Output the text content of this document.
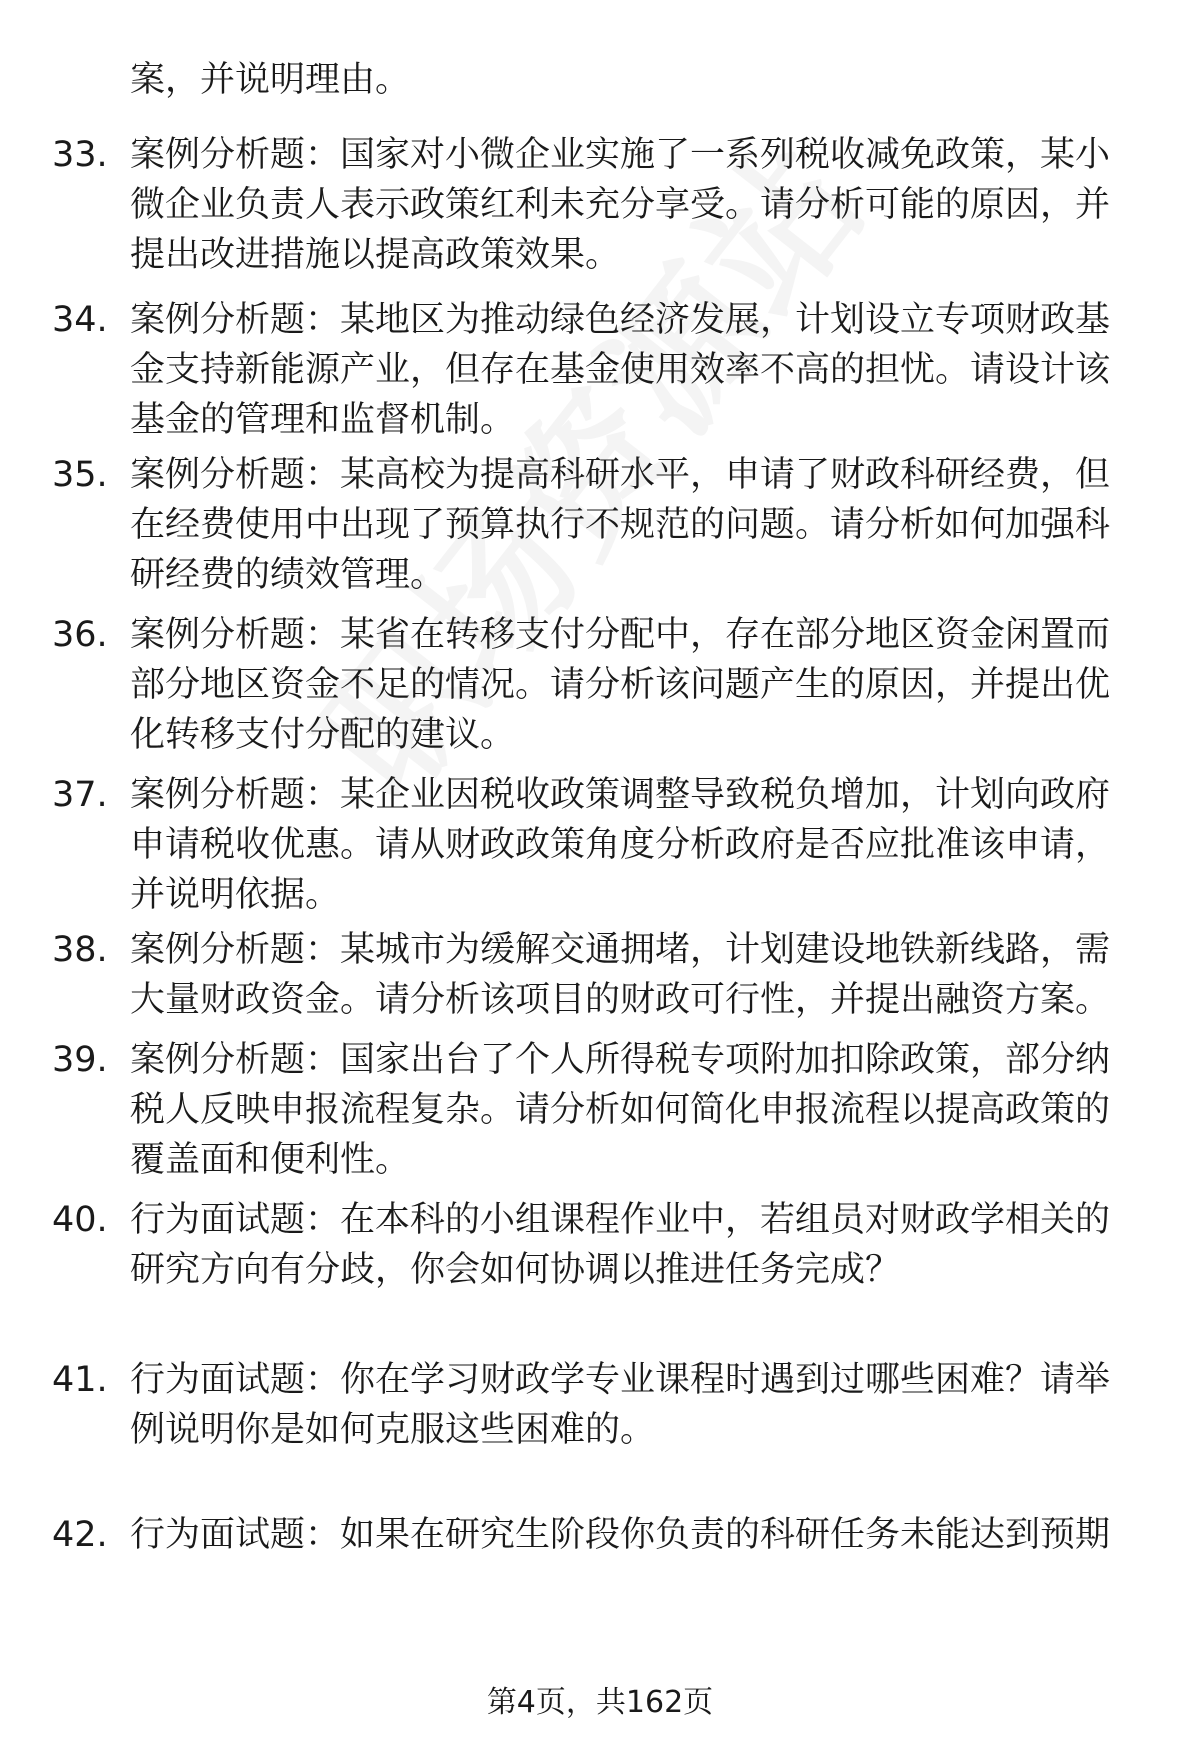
案，并说明理由。
33. 案例分析题：国家对小微企业实施了一系列税收减免政策，某小微企业负责人表示政策红利未充分享受。请分析可能的原因，并提出改进措施以提高政策效果。
34. 案例分析题：某地区为推动绿色经济发展，计划设立专项财政基金支持新能源产业，但存在基金使用效率不高的担忧。请设计该基金的管理和监督机制。
35. 案例分析题：某高校为提高科研水平，申请了财政科研经费，但在经费使用中出现了预算执行不规范的问题。请分析如何加强科研经费的绩效管理。
36. 案例分析题：某省在转移支付分配中，存在部分地区资金闲置而部分地区资金不足的情况。请分析该问题产生的原因，并提出优化转移支付分配的建议。
37. 案例分析题：某企业因税收政策调整导致税负增加，计划向政府申请税收优惠。请从财政政策角度分析政府是否应批准该申请，并说明依据。
38. 案例分析题：某城市为缓解交通拥堵，计划建设地铁新线路，需大量财政资金。请分析该项目的财政可行性，并提出融资方案。
39. 案例分析题：国家出台了个人所得税专项附加扣除政策，部分纳税人反映申报流程复杂。请分析如何简化申报流程以提高政策的覆盖面和便利性。
40. 行为面试题：在本科的小组课程作业中，若组员对财政学相关的研究方向有分歧，你会如何协调以推进任务完成？
41. 行为面试题：你在学习财政学专业课程时遇到过哪些困难？请举例说明你是如何克服这些困难的。
42. 行为面试题：如果在研究生阶段你负责的科研任务未能达到预期
第4页，共162页
